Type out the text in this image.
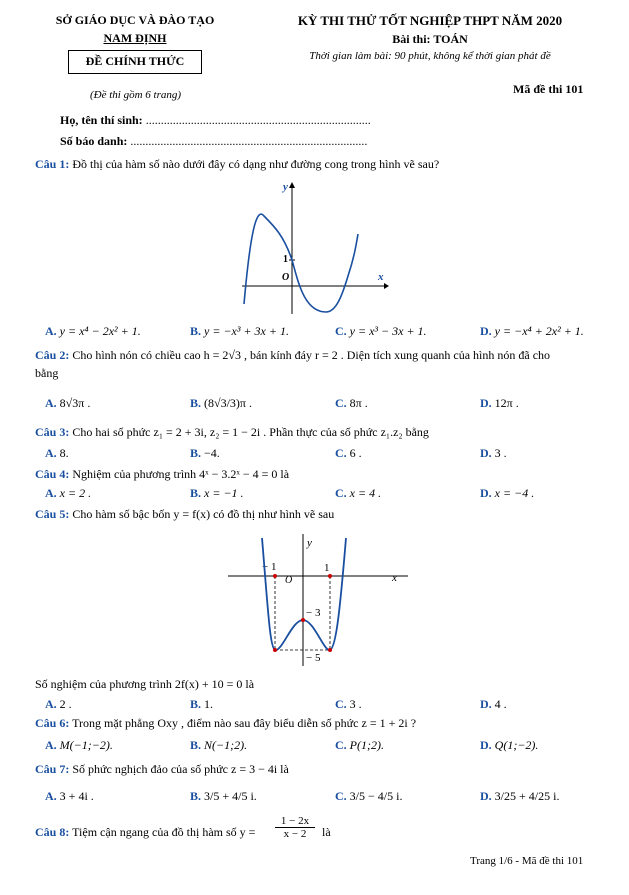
SỞ GIÁO DỤC VÀ ĐÀO TẠO
NAM ĐỊNH
ĐỀ CHÍNH THỨC
(Đề thi gồm 6 trang)
KỲ THI THỬ TỐT NGHIỆP THPT NĂM 2020
Bài thi: TOÁN
Thời gian làm bài: 90 phút, không kể thời gian phát đề
Mã đề thi 101
Họ, tên thí sinh: ...........................................................................
Số báo danh: ...............................................................................
Câu 1: Đồ thị của hàm số nào dưới đây có dạng như đường cong trong hình vẽ sau?
y
x
1
O
A. y = x⁴ − 2x² + 1.	B. y = −x³ + 3x + 1.	C. y = x³ − 3x + 1.	D. y = −x⁴ + 2x² + 1.
Câu 2: Cho hình nón có chiều cao h = 2√3 , bán kính đáy r = 2 . Diện tích xung quanh của hình nón đã cho
bằng
A. 8√3π .	B. (8√3/3)π .	C. 8π .	D. 12π .
Câu 3: Cho hai số phức z₁ = 2 + 3i, z₂ = 1 − 2i . Phần thực của số phức z₁.z₂ bằng
A. 8.	B. −4.	C. 6 .	D. 3 .
Câu 4: Nghiệm của phương trình 4ˣ − 3.2ˣ − 4 = 0 là
A. x = 2 .	B. x = −1 .	C. x = 4 .	D. x = −4 .
Câu 5: Cho hàm số bậc bốn y = f(x) có đồ thị như hình vẽ sau
y
x
− 1	1
O
− 3
− 5
Số nghiệm của phương trình 2f(x) + 10 = 0 là
A. 2 .	B. 1.	C. 3 .	D. 4 .
Câu 6: Trong mặt phẳng Oxy , điểm nào sau đây biểu diễn số phức z = 1 + 2i ?
A. M(−1;−2).	B. N(−1;2).	C. P(1;2).	D. Q(1;−2).
Câu 7: Số phức nghịch đảo của số phức z = 3 − 4i là
A. 3 + 4i .	B. 3/5 + 4/5 i.	C. 3/5 − 4/5 i.	D. 3/25 + 4/25 i.
Câu 8: Tiệm cận ngang của đồ thị hàm số $y = \frac{1 - 2x}{x - 2}$ là
Trang 1/6 - Mã đề thi 101
